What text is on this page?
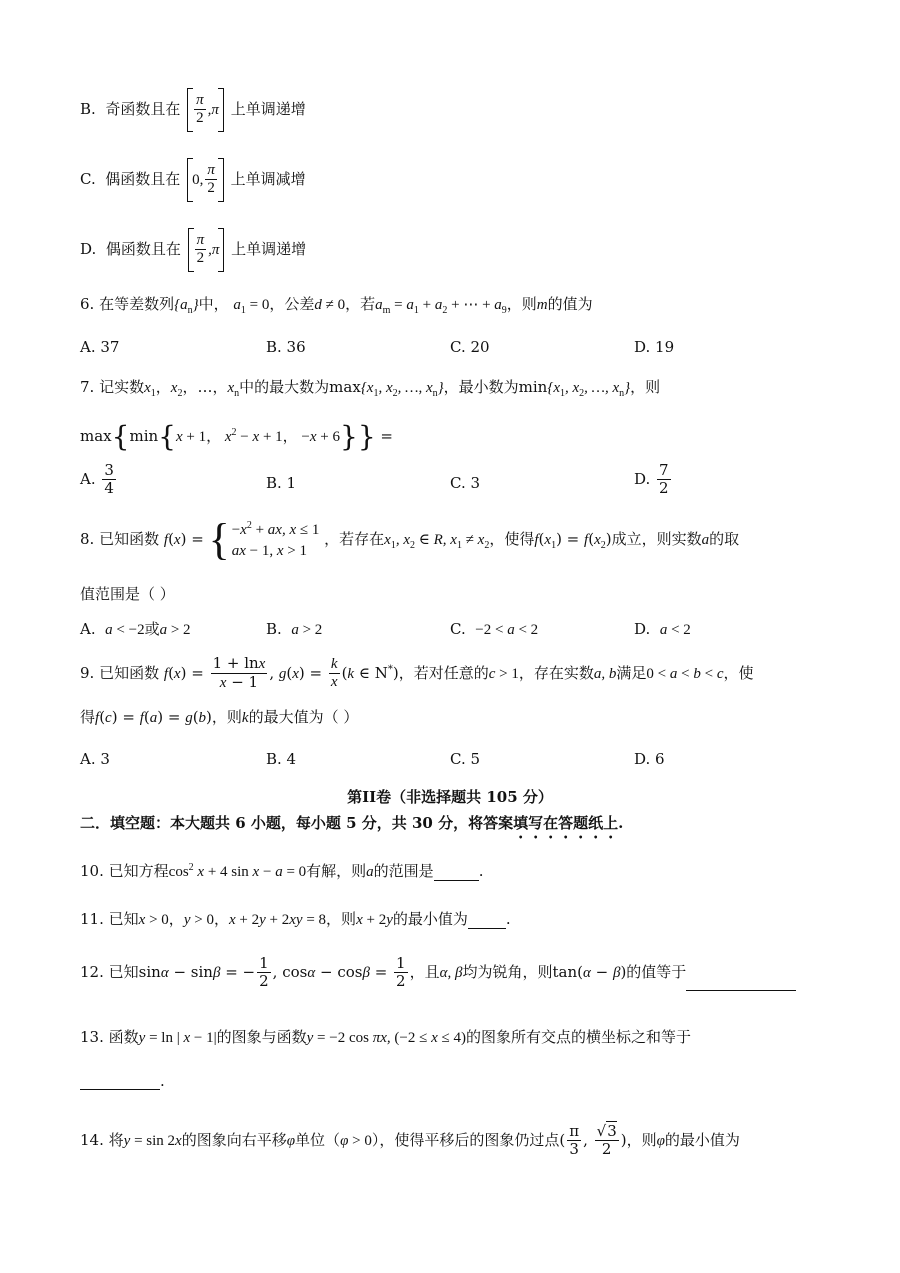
B. 奇函数且在 $\frac{\pi}{2} ,\pi$ 上单调递增
C. 偶函数且在 0, $\frac{\pi}{2}$ 上单调减增
D. 偶函数且在 $\frac{\pi}{2} ,\pi$ 上单调递增
6. 在等差数列$\{a_n\}$中， $a_1 = 0$，公差d ≠ 0，若$a_m = a_1 + a_2$ + ⋯ + $a_9$，则m的值为
A. 37	B. 36	C. 20	D. 19
7. 记实数$x_1$，$x_2$，…，$x_n$中的最大数为$\max\{x_1$, $x_2$, …, $x_n$}，最小数为$\min\{x_1$, $x_2$, …, $x_n$}，则
max{min{x + 1， $x^2 - x + 1$， −x + 6}} =
A. $\frac{3}{4}$	B. 1	C. 3	D. $\frac{7}{2}$
8. 已知函数 f(x) = { $-x^2$ + ax, x ≤ 1
ax − 1, x > 1
，若存在$x_1$, $x_2$ ∈ R, $x_1 \ne x_2$，使得$f(x_1) = f(x_2)$成立，则实数a的取
值范围是（ ）
A. a < −2或a > 2	B. a > 2	C. −2 < a < 2	D. a < 2
9. 已知函数 $f(x) = \frac{1 + \ln x}{x - 1}$ , $g(x) = \frac{k}{x} (k$ ∈ N*)，若对任意的c > 1，存在实数a, b满足0 < a < b < c，使
得f(c) = f(a) = g(b)，则k的最大值为（ ）
A. 3	B. 4	C. 5	D. 6
第II卷（非选择题共 105 分）
二．填空题：本大题共 6 小题，每小题 5 分，共 30 分，将答案填写在答题纸上.
10. 已知方程$\cos^2 x + 4$ sin x − a = 0有解，则a的范围是	.
11. 已知x > 0，y > 0，x + 2y + 2xy = 8，则x + 2y的最小值为	.
12. 已知sinα − sinβ = − $\frac{1}{2}$ , $\cos\alpha - \cos\beta = \frac{1}{2}$ ，且α, β均为锐角，则tan(α − β)的值等于
13. 函数y = ln | x − 1|的图象与函数y = −2 cos πx, (−2 ≤ x ≤ 4)的图象所有交点的横坐标之和等于
.
14. 将y = sin 2x的图象向右平移φ单位（φ > 0），使得平移后的图象仍过点( $\frac{\pi}{3}$ , $\frac{√3}{2}$ )，则φ的最小值为
